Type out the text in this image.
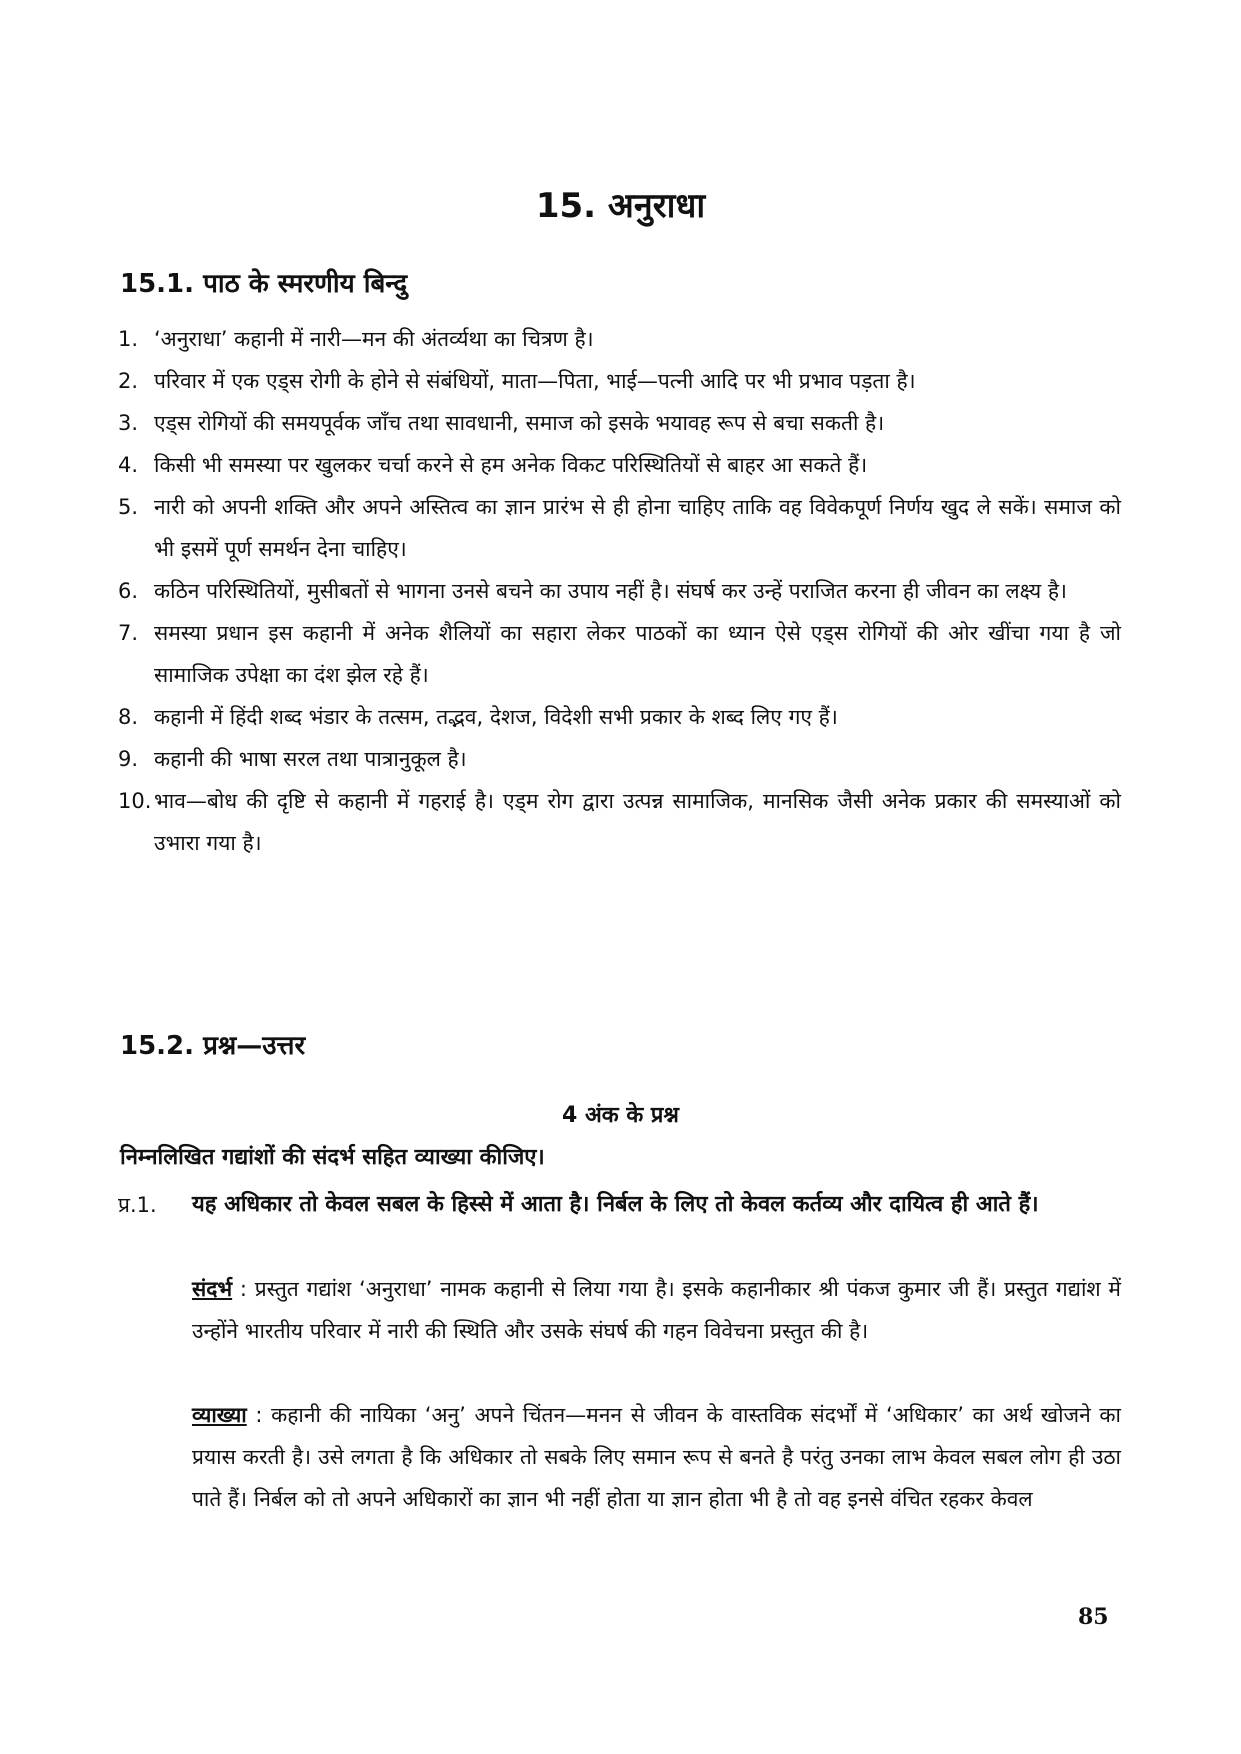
15. अनुराधा
15.1. पाठ के स्मरणीय बिन्दु
1. ‘अनुराधा’ कहानी में नारी—मन की अंतर्व्यथा का चित्रण है।
2. परिवार में एक एड्स रोगी के होने से संबंधियों, माता—पिता, भाई—पत्नी आदि पर भी प्रभाव पड़ता है।
3. एड्स रोगियों की समयपूर्वक जाँच तथा सावधानी, समाज को इसके भयावह रूप से बचा सकती है।
4. किसी भी समस्या पर खुलकर चर्चा करने से हम अनेक विकट परिस्थितियों से बाहर आ सकते हैं।
5. नारी को अपनी शक्ति और अपने अस्तित्व का ज्ञान प्रारंभ से ही होना चाहिए ताकि वह विवेकपूर्ण निर्णय खुद ले सकें। समाज को भी इसमें पूर्ण समर्थन देना चाहिए।
6. कठिन परिस्थितियों, मुसीबतों से भागना उनसे बचने का उपाय नहीं है। संघर्ष कर उन्हें पराजित करना ही जीवन का लक्ष्य है।
7. समस्या प्रधान इस कहानी में अनेक शैलियों का सहारा लेकर पाठकों का ध्यान ऐसे एड्स रोगियों की ओर खींचा गया है जो सामाजिक उपेक्षा का दंश झेल रहे हैं।
8. कहानी में हिंदी शब्द भंडार के तत्सम, तद्भव, देशज, विदेशी सभी प्रकार के शब्द लिए गए हैं।
9. कहानी की भाषा सरल तथा पात्रानुकूल है।
10. भाव—बोध की दृष्टि से कहानी में गहराई है। एड्म रोग द्वारा उत्पन्न सामाजिक, मानसिक जैसी अनेक प्रकार की समस्याओं को उभारा गया है।
15.2. प्रश्न—उत्तर
4 अंक के प्रश्न
निम्नलिखित गद्यांशों की संदर्भ सहित व्याख्या कीजिए।
प्र.1.	यह अधिकार तो केवल सबल के हिस्से में आता है। निर्बल के लिए तो केवल कर्तव्य और दायित्व ही आते हैं।
संदर्भ : प्रस्तुत गद्यांश ‘अनुराधा’ नामक कहानी से लिया गया है। इसके कहानीकार श्री पंकज कुमार जी हैं। प्रस्तुत गद्यांश में उन्होंने भारतीय परिवार में नारी की स्थिति और उसके संघर्ष की गहन विवेचना प्रस्तुत की है।
व्याख्या : कहानी की नायिका ‘अनु’ अपने चिंतन—मनन से जीवन के वास्तविक संदर्भों में ‘अधिकार’ का अर्थ खोजने का प्रयास करती है। उसे लगता है कि अधिकार तो सबके लिए समान रूप से बनते है परंतु उनका लाभ केवल सबल लोग ही उठा पाते हैं। निर्बल को तो अपने अधिकारों का ज्ञान भी नहीं होता या ज्ञान होता भी है तो वह इनसे वंचित रहकर केवल
85
